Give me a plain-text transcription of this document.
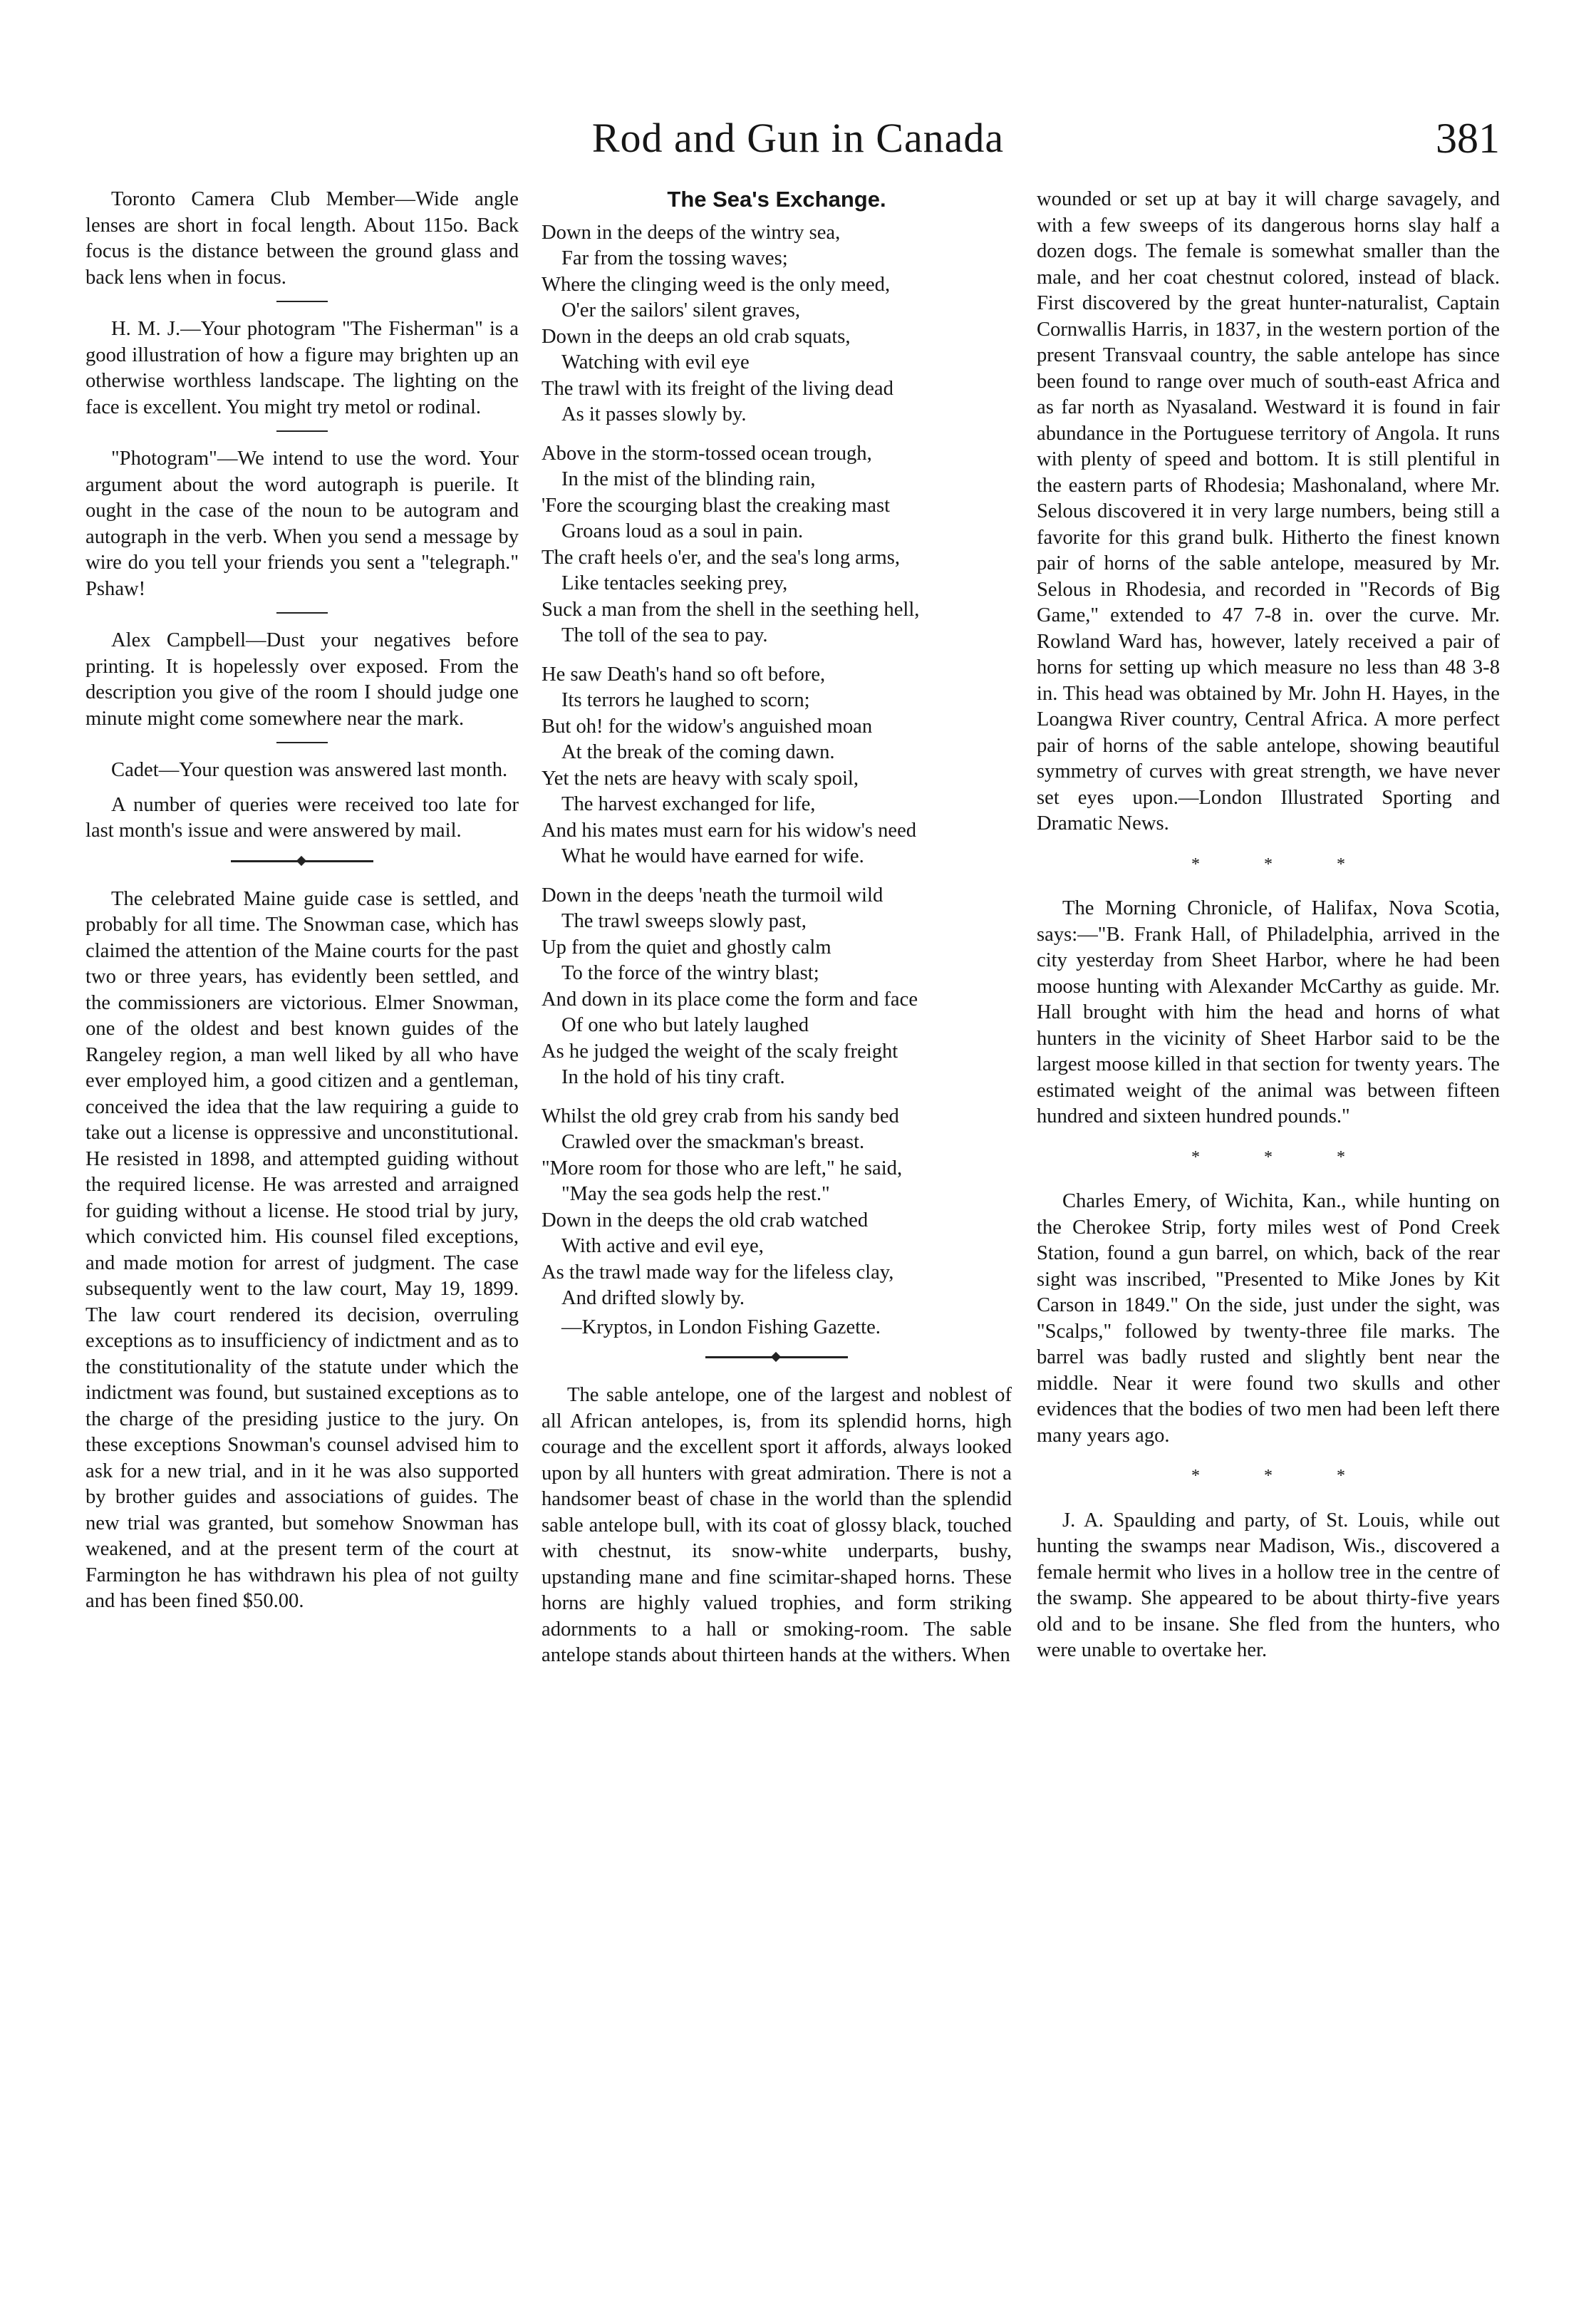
Rod and Gun in Canada	381

Toronto Camera Club Member—Wide angle lenses are short in focal length. About 115o. Back focus is the distance between the ground glass and back lens when in focus.

H. M. J.—Your photogram "The Fisherman" is a good illustration of how a figure may brighten up an otherwise worthless landscape. The lighting on the face is excellent. You might try metol or rodinal.

"Photogram"—We intend to use the word. Your argument about the word autograph is puerile. It ought in the case of the noun to be autogram and autograph in the verb. When you send a message by wire do you tell your friends you sent a "telegraph." Pshaw!

Alex Campbell—Dust your negatives before printing. It is hopelessly over exposed. From the description you give of the room I should judge one minute might come somewhere near the mark.

Cadet—Your question was answered last month.

A number of queries were received too late for last month's issue and were answered by mail.

The celebrated Maine guide case is settled, and probably for all time. The Snowman case, which has claimed the attention of the Maine courts for the past two or three years, has evidently been settled, and the commissioners are victorious. Elmer Snowman, one of the oldest and best known guides of the Rangeley region, a man well liked by all who have ever employed him, a good citizen and a gentleman, conceived the idea that the law requiring a guide to take out a license is oppressive and unconstitutional. He resisted in 1898, and attempted guiding without the required license. He was arrested and arraigned for guiding without a license. He stood trial by jury, which convicted him. His counsel filed exceptions, and made motion for arrest of judgment. The case subsequently went to the law court, May 19, 1899. The law court rendered its decision, overruling exceptions as to insufficiency of indictment and as to the constitutionality of the statute under which the indictment was found, but sustained exceptions as to the charge of the presiding justice to the jury. On these exceptions Snowman's counsel advised him to ask for a new trial, and in it he was also supported by brother guides and associations of guides. The new trial was granted, but somehow Snowman has weakened, and at the present term of the court at Farmington he has withdrawn his plea of not guilty and has been fined $50.00.

The Sea's Exchange.
Down in the deeps of the wintry sea,
Far from the tossing waves;
Where the clinging weed is the only meed,
O'er the sailors' silent graves,
Down in the deeps an old crab squats,
Watching with evil eye
The trawl with its freight of the living dead
As it passes slowly by.
Above in the storm-tossed ocean trough,
In the mist of the blinding rain,
'Fore the scourging blast the creaking mast
Groans loud as a soul in pain.
The craft heels o'er, and the sea's long arms,
Like tentacles seeking prey,
Suck a man from the shell in the seething hell,
The toll of the sea to pay.
He saw Death's hand so oft before,
Its terrors he laughed to scorn;
But oh! for the widow's anguished moan
At the break of the coming dawn.
Yet the nets are heavy with scaly spoil,
The harvest exchanged for life,
And his mates must earn for his widow's need
What he would have earned for wife.
Down in the deeps 'neath the turmoil wild
The trawl sweeps slowly past,
Up from the quiet and ghostly calm
To the force of the wintry blast;
And down in its place come the form and face
Of one who but lately laughed
As he judged the weight of the scaly freight
In the hold of his tiny craft.
Whilst the old grey crab from his sandy bed
Crawled over the smackman's breast.
"More room for those who are left," he said,
"May the sea gods help the rest."
Down in the deeps the old crab watched
With active and evil eye,
As the trawl made way for the lifeless clay,
And drifted slowly by.
—Kryptos, in London Fishing Gazette.

The sable antelope, one of the largest and noblest of all African antelopes, is, from its splendid horns, high courage and the excellent sport it affords, always looked upon by all hunters with great admiration. There is not a handsomer beast of chase in the world than the splendid sable antelope bull, with its coat of glossy black, touched with chestnut, its snow-white underparts, bushy, upstanding mane and fine scimitar-shaped horns. These horns are highly valued trophies, and form striking adornments to a hall or smoking-room. The sable antelope stands about thirteen hands at the withers. When

wounded or set up at bay it will charge savagely, and with a few sweeps of its dangerous horns slay half a dozen dogs. The female is somewhat smaller than the male, and her coat chestnut colored, instead of black. First discovered by the great hunter-naturalist, Captain Cornwallis Harris, in 1837, in the western portion of the present Transvaal country, the sable antelope has since been found to range over much of south-east Africa and as far north as Nyasaland. Westward it is found in fair abundance in the Portuguese territory of Angola. It runs with plenty of speed and bottom. It is still plentiful in the eastern parts of Rhodesia; Mashonaland, where Mr. Selous discovered it in very large numbers, being still a favorite for this grand bulk. Hitherto the finest known pair of horns of the sable antelope, measured by Mr. Selous in Rhodesia, and recorded in "Records of Big Game," extended to 47 7-8 in. over the curve. Mr. Rowland Ward has, however, lately received a pair of horns for setting up which measure no less than 48 3-8 in. This head was obtained by Mr. John H. Hayes, in the Loangwa River country, Central Africa. A more perfect pair of horns of the sable antelope, showing beautiful symmetry of curves with great strength, we have never set eyes upon.—London Illustrated Sporting and Dramatic News.

* * *

The Morning Chronicle, of Halifax, Nova Scotia, says:—"B. Frank Hall, of Philadelphia, arrived in the city yesterday from Sheet Harbor, where he had been moose hunting with Alexander McCarthy as guide. Mr. Hall brought with him the head and horns of what hunters in the vicinity of Sheet Harbor said to be the largest moose killed in that section for twenty years. The estimated weight of the animal was between fifteen hundred and sixteen hundred pounds."

* * *

Charles Emery, of Wichita, Kan., while hunting on the Cherokee Strip, forty miles west of Pond Creek Station, found a gun barrel, on which, back of the rear sight was inscribed, "Presented to Mike Jones by Kit Carson in 1849." On the side, just under the sight, was "Scalps," followed by twenty-three file marks. The barrel was badly rusted and slightly bent near the middle. Near it were found two skulls and other evidences that the bodies of two men had been left there many years ago.

* * *

J. A. Spaulding and party, of St. Louis, while out hunting the swamps near Madison, Wis., discovered a female hermit who lives in a hollow tree in the centre of the swamp. She appeared to be about thirty-five years old and to be insane. She fled from the hunters, who were unable to overtake her.
